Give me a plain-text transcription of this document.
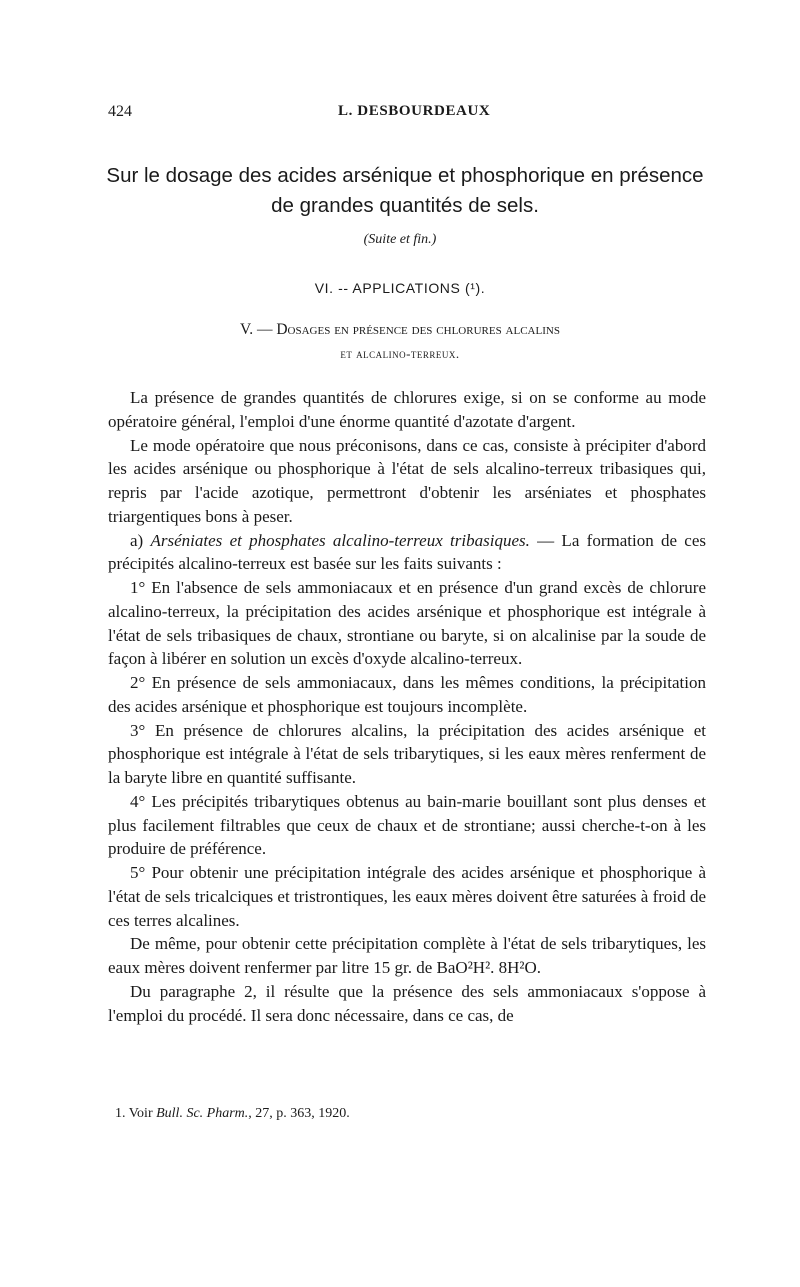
424	L. DESBOURDEAUX
Sur le dosage des acides arsénique et phosphorique en présence
de grandes quantités de sels.
(Suite et fin.)
VI. -- APPLICATIONS (¹).
V. — Dosages en présence des chlorures alcalins
et alcalino-terreux.

La présence de grandes quantités de chlorures exige, si on se conforme au mode opératoire général, l'emploi d'une énorme quantité d'azotate d'argent.

Le mode opératoire que nous préconisons, dans ce cas, consiste à précipiter d'abord les acides arsénique ou phosphorique à l'état de sels alcalino-terreux tribasiques qui, repris par l'acide azotique, permettront d'obtenir les arséniates et phosphates triargentiques bons à peser.

a) Arséniates et phosphates alcalino-terreux tribasiques. — La formation de ces précipités alcalino-terreux est basée sur les faits suivants :

1° En l'absence de sels ammoniacaux et en présence d'un grand excès de chlorure alcalino-terreux, la précipitation des acides arsénique et phosphorique est intégrale à l'état de sels tribasiques de chaux, strontiane ou baryte, si on alcalinise par la soude de façon à libérer en solution un excès d'oxyde alcalino-terreux.

2° En présence de sels ammoniacaux, dans les mêmes conditions, la précipitation des acides arsénique et phosphorique est toujours incomplète.

3° En présence de chlorures alcalins, la précipitation des acides arsénique et phosphorique est intégrale à l'état de sels tribarytiques, si les eaux mères renferment de la baryte libre en quantité suffisante.

4° Les précipités tribarytiques obtenus au bain-marie bouillant sont plus denses et plus facilement filtrables que ceux de chaux et de strontiane; aussi cherche-t-on à les produire de préférence.

5° Pour obtenir une précipitation intégrale des acides arsénique et phosphorique à l'état de sels tricalciques et tristrontiques, les eaux mères doivent être saturées à froid de ces terres alcalines.

De même, pour obtenir cette précipitation complète à l'état de sels tribarytiques, les eaux mères doivent renfermer par litre 15 gr. de BaO²H². 8H²O.

Du paragraphe 2, il résulte que la présence des sels ammoniacaux s'oppose à l'emploi du procédé. Il sera donc nécessaire, dans ce cas, de

1. Voir Bull. Sc. Pharm., 27, p. 363, 1920.
